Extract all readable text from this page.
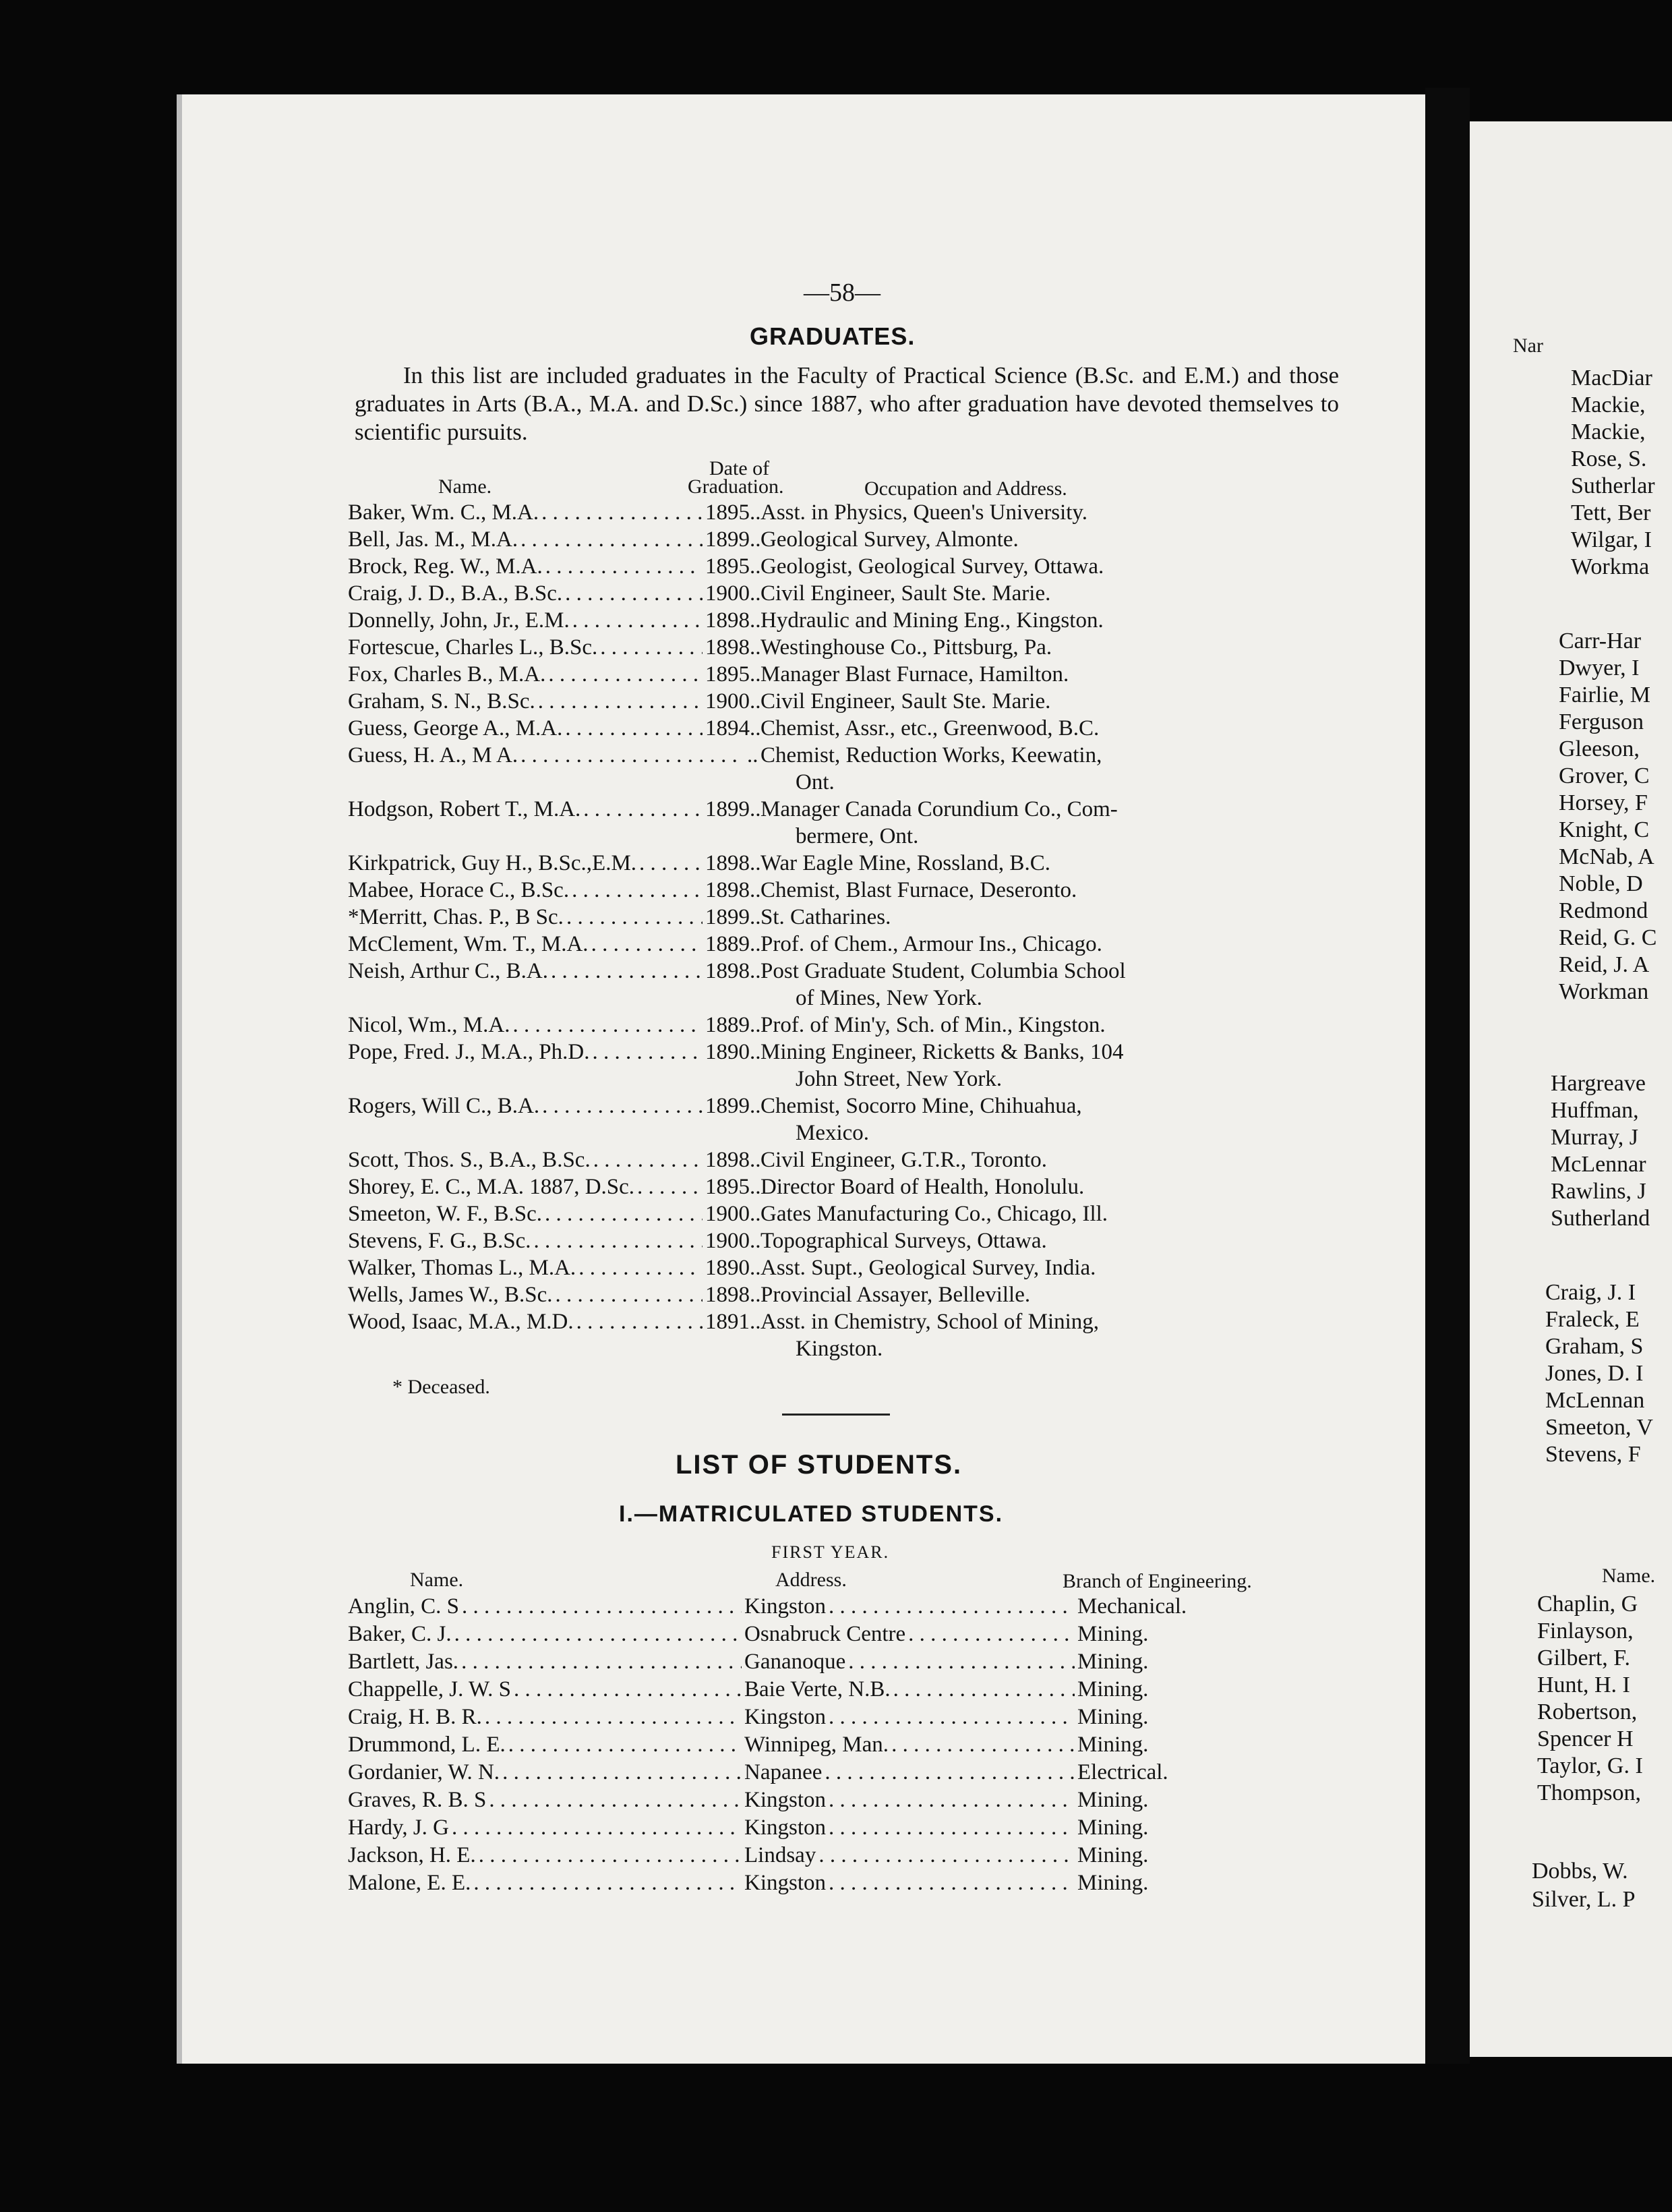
—58—
GRADUATES.
In this list are included graduates in the Faculty of Practical Science (B.Sc. and E.M.) and those graduates in Arts (B.A., M.A. and D.Sc.) since 1887, who after graduation have devoted themselves to scientific pursuits.
Name.
Date of
Graduation.	Occupation and Address.
Baker, Wm. C., M.A.	1895.. Asst. in Physics, Queen's University.
. . .
Bell, Jas. M., M.A.	1899.. Geological Survey, Almonte.
. . .
Brock, Reg. W., M.A.	1895.. Geologist, Geological Survey, Ottawa.
. . .
Craig, J. D., B.A., B.Sc.	1900.. Civil Engineer, Sault Ste. Marie.
. . .
Donnelly, John, Jr., E.M.	1898.. Hydraulic and Mining Eng., Kingston.
. . .
Fortescue, Charles L., B.Sc.	1898.. Westinghouse Co., Pittsburg, Pa.
. . .
Fox, Charles B., M.A.	1895.. Manager Blast Furnace, Hamilton.
. . .
Graham, S. N., B.Sc.	1900.. Civil Engineer, Sault Ste. Marie.
. . .
Guess, George A., M.A.	1894.. Chemist, Assr., etc., Greenwood, B.C.
. . .
Guess, H. A., M A.	.. Chemist, Reduction Works, Keewatin,
. . .
Ont.
Hodgson, Robert T., M.A.	1899.. Manager Canada Corundium Co., Com-
. . .
bermere, Ont.
Kirkpatrick, Guy H., B.Sc.,E.M.	1898.. War Eagle Mine, Rossland, B.C.
. . .
Mabee, Horace C., B.Sc.	1898.. Chemist, Blast Furnace, Deseronto.
. . .
*Merritt, Chas. P., B Sc.	1899.. St. Catharines.
. . .
McClement, Wm. T., M.A.	1889.. Prof. of Chem., Armour Ins., Chicago.
. . .
Neish, Arthur C., B.A.	1898.. Post Graduate Student, Columbia School
. . .
of Mines, New York.
Nicol, Wm., M.A.	1889.. Prof. of Min'y, Sch. of Min., Kingston.
. . .
Pope, Fred. J., M.A., Ph.D.	1890.. Mining Engineer, Ricketts & Banks, 104
. . .
John Street, New York.
Rogers, Will C., B.A.	1899.. Chemist, Socorro Mine, Chihuahua,
. . .
Mexico.
Scott, Thos. S., B.A., B.Sc.	1898.. Civil Engineer, G.T.R., Toronto.
. . .
Shorey, E. C., M.A. 1887, D.Sc.	1895.. Director Board of Health, Honolulu.
. . .
Smeeton, W. F., B.Sc.	1900.. Gates Manufacturing Co., Chicago, Ill.
. . .
Stevens, F. G., B.Sc.	1900.. Topographical Surveys, Ottawa.
. . .
Walker, Thomas L., M.A.	1890.. Asst. Supt., Geological Survey, India.
. . .
Wells, James W., B.Sc.	1898.. Provincial Assayer, Belleville.
. . .
Wood, Isaac, M.A., M.D.	1891.. Asst. in Chemistry, School of Mining,
. . .
Kingston.
* Deceased.
LIST OF STUDENTS.
I.—MATRICULATED STUDENTS.
FIRST YEAR.
Name.	Address.	Branch of Engineering.
Anglin, C. S . . .	Kingston . . .	Mechanical.
Baker, C. J. . . .	Osnabruck Centre . . .	Mining.
Bartlett, Jas. . . .	Gananoque . . .	Mining.
Chappelle, J. W. S . . .	Baie Verte, N.B. . . .	Mining.
Craig, H. B. R. . . .	Kingston . . .	Mining.
Drummond, L. E. . . .	Winnipeg, Man. . . .	Mining.
Gordanier, W. N. . . .	Napanee . . .	Electrical.
Graves, R. B. S . . .	Kingston . . .	Mining.
Hardy, J. G . . .	Kingston . . .	Mining.
Jackson, H. E. . . .	Lindsay . . .	Mining.
Malone, E. E. . . .	Kingston . . .	Mining.
Nar
MacDiar
Mackie,
Mackie,
Rose, S.
Sutherlar
Tett, Ber
Wilgar, I
Workma
Carr-Har
Dwyer, I
Fairlie, M
Ferguson
Gleeson,
Grover, C
Horsey, F
Knight, C
McNab, A
Noble, D
Redmond
Reid, G. C
Reid, J. A
Workman
Hargreave
Huffman,
Murray, J
McLennar
Rawlins, J
Sutherland
Craig, J. I
Fraleck, E
Graham, S
Jones, D. I
McLennan
Smeeton, V
Stevens, F
Name.
Chaplin, G
Finlayson,
Gilbert, F.
Hunt, H. I
Robertson,
Spencer H
Taylor, G. I
Thompson,
Dobbs, W.
Silver, L. P
